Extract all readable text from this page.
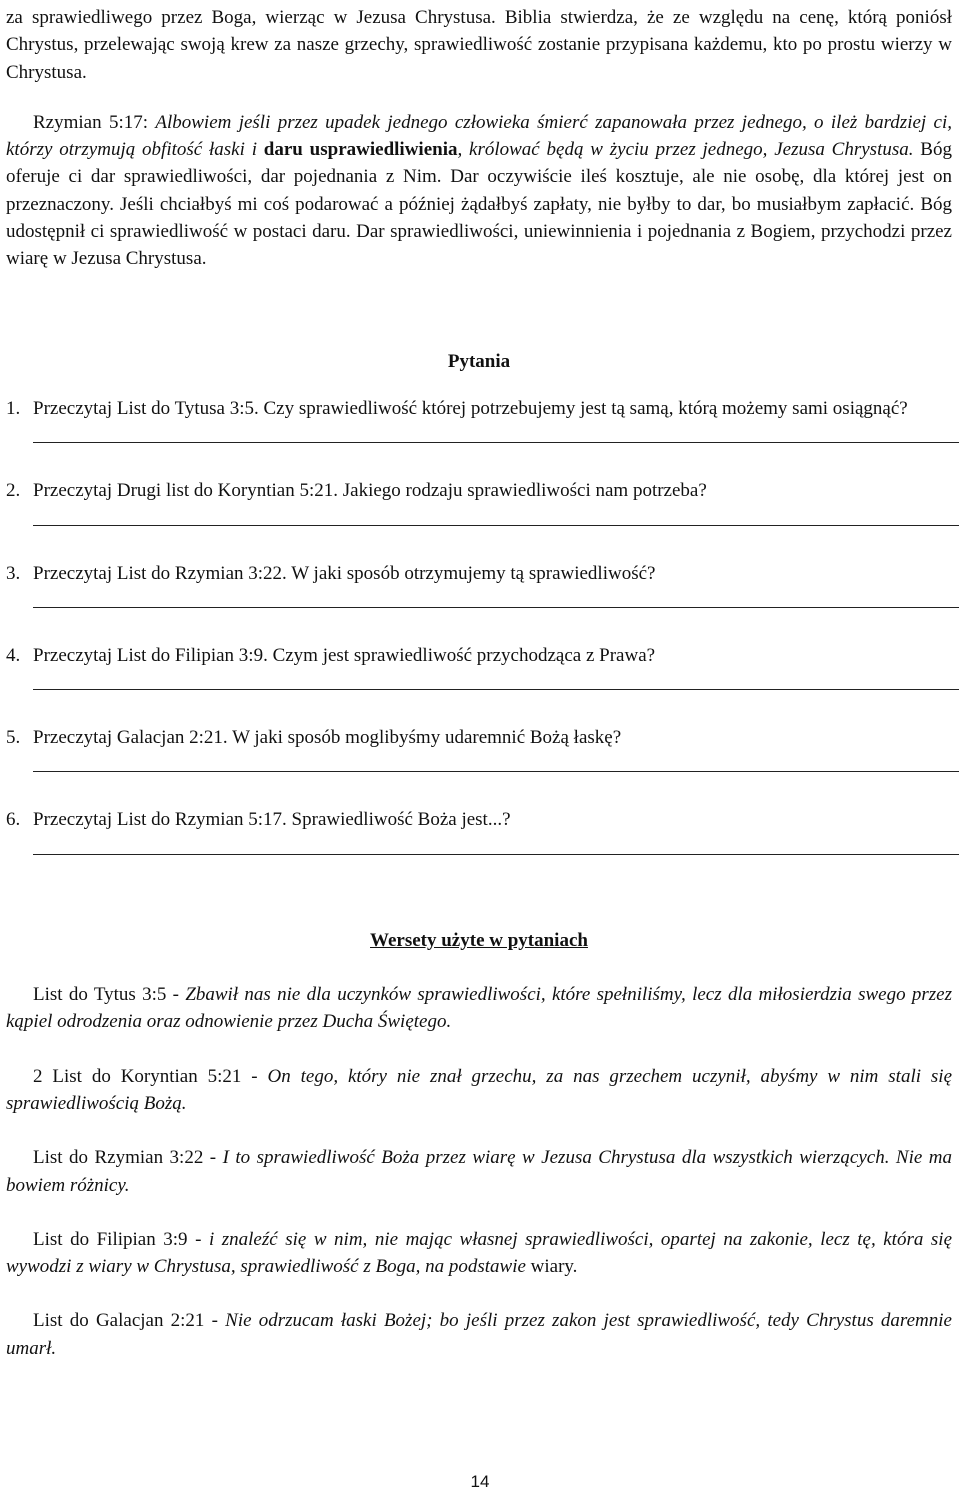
za sprawiedliwego przez Boga, wierząc w Jezusa Chrystusa. Biblia stwierdza, że ze względu na cenę, którą poniósł Chrystus, przelewając swoją krew za nasze grzechy, sprawiedliwość zostanie przypisana każdemu, kto po prostu wierzy w Chrystusa.

Rzymian 5:17: Albowiem jeśli przez upadek jednego człowieka śmierć zapanowała przez jednego, o ileż bardziej ci, którzy otrzymują obfitość łaski i daru usprawiedliwienia, królować będą w życiu przez jednego, Jezusa Chrystusa. Bóg oferuje ci dar sprawiedliwości, dar pojednania z Nim. Dar oczywiście ileś kosztuje, ale nie osobę, dla której jest on przeznaczony. Jeśli chciałbyś mi coś podarować a później żądałbyś zapłaty, nie byłby to dar, bo musiałbym zapłacić. Bóg udostępnił ci sprawiedliwość w postaci daru. Dar sprawiedliwości, uniewinnienia i pojednania z Bogiem, przychodzi przez wiarę w Jezusa Chrystusa.

Pytania
1. Przeczytaj List do Tytusa 3:5. Czy sprawiedliwość której potrzebujemy jest tą samą, którą możemy sami osiągnąć?
2. Przeczytaj Drugi list do Koryntian 5:21. Jakiego rodzaju sprawiedliwości nam potrzeba?
3. Przeczytaj List do Rzymian 3:22. W jaki sposób otrzymujemy tą sprawiedliwość?
4. Przeczytaj List do Filipian 3:9. Czym jest sprawiedliwość przychodząca z Prawa?
5. Przeczytaj Galacjan 2:21. W jaki sposób moglibyśmy udaremnić Bożą łaskę?
6. Przeczytaj List do Rzymian 5:17. Sprawiedliwość Boża jest...?
Wersety użyte w pytaniach

List do Tytus 3:5 - Zbawił nas nie dla uczynków sprawiedliwości, które spełniliśmy, lecz dla miłosierdzia swego przez kąpiel odrodzenia oraz odnowienie przez Ducha Świętego.

2 List do Koryntian 5:21 - On tego, który nie znał grzechu, za nas grzechem uczynił, abyśmy w nim stali się sprawiedliwością Bożą.

List do Rzymian 3:22 - I to sprawiedliwość Boża przez wiarę w Jezusa Chrystusa dla wszystkich wierzących. Nie ma bowiem różnicy.

List do Filipian 3:9 - i znaleźć się w nim, nie mając własnej sprawiedliwości, opartej na zakonie, lecz tę, która się wywodzi z wiary w Chrystusa, sprawiedliwość z Boga, na podstawie wiary.

List do Galacjan 2:21 - Nie odrzucam łaski Bożej; bo jeśli przez zakon jest sprawiedliwość, tedy Chrystus daremnie umarł.

14
